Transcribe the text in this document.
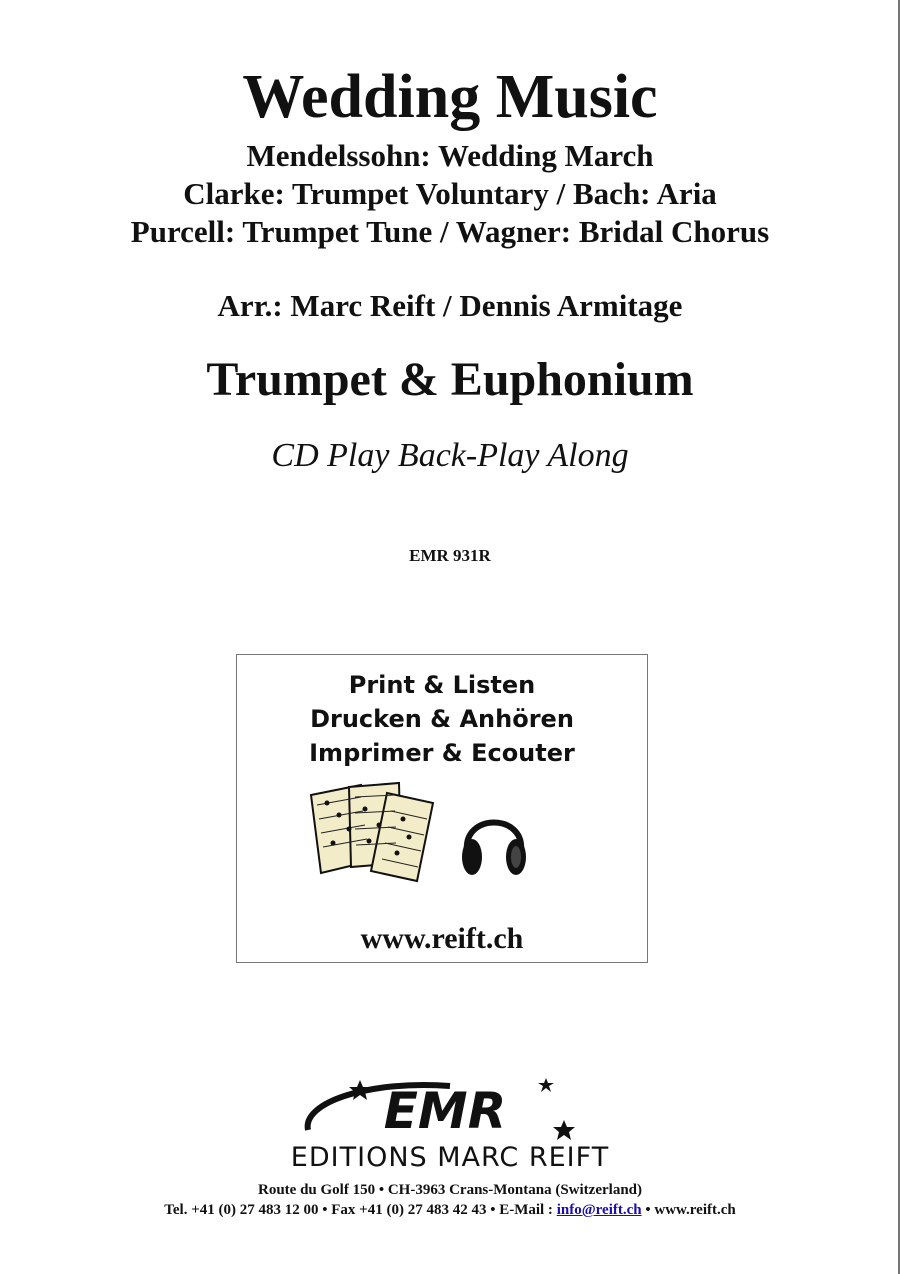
Wedding Music
Mendelssohn: Wedding March
Clarke: Trumpet Voluntary / Bach: Aria
Purcell: Trumpet Tune / Wagner: Bridal Chorus
Arr.: Marc Reift / Dennis Armitage
Trumpet & Euphonium
CD Play Back-Play Along
EMR 931R
Print & Listen
Drucken & Anhören
Imprimer & Ecouter
www.reift.ch
EMR
EDITIONS MARC REIFT
Route du Golf 150 • CH-3963 Crans-Montana (Switzerland)
Tel. +41 (0) 27 483 12 00 • Fax +41 (0) 27 483 42 43 • E-Mail : info@reift.ch • www.reift.ch
